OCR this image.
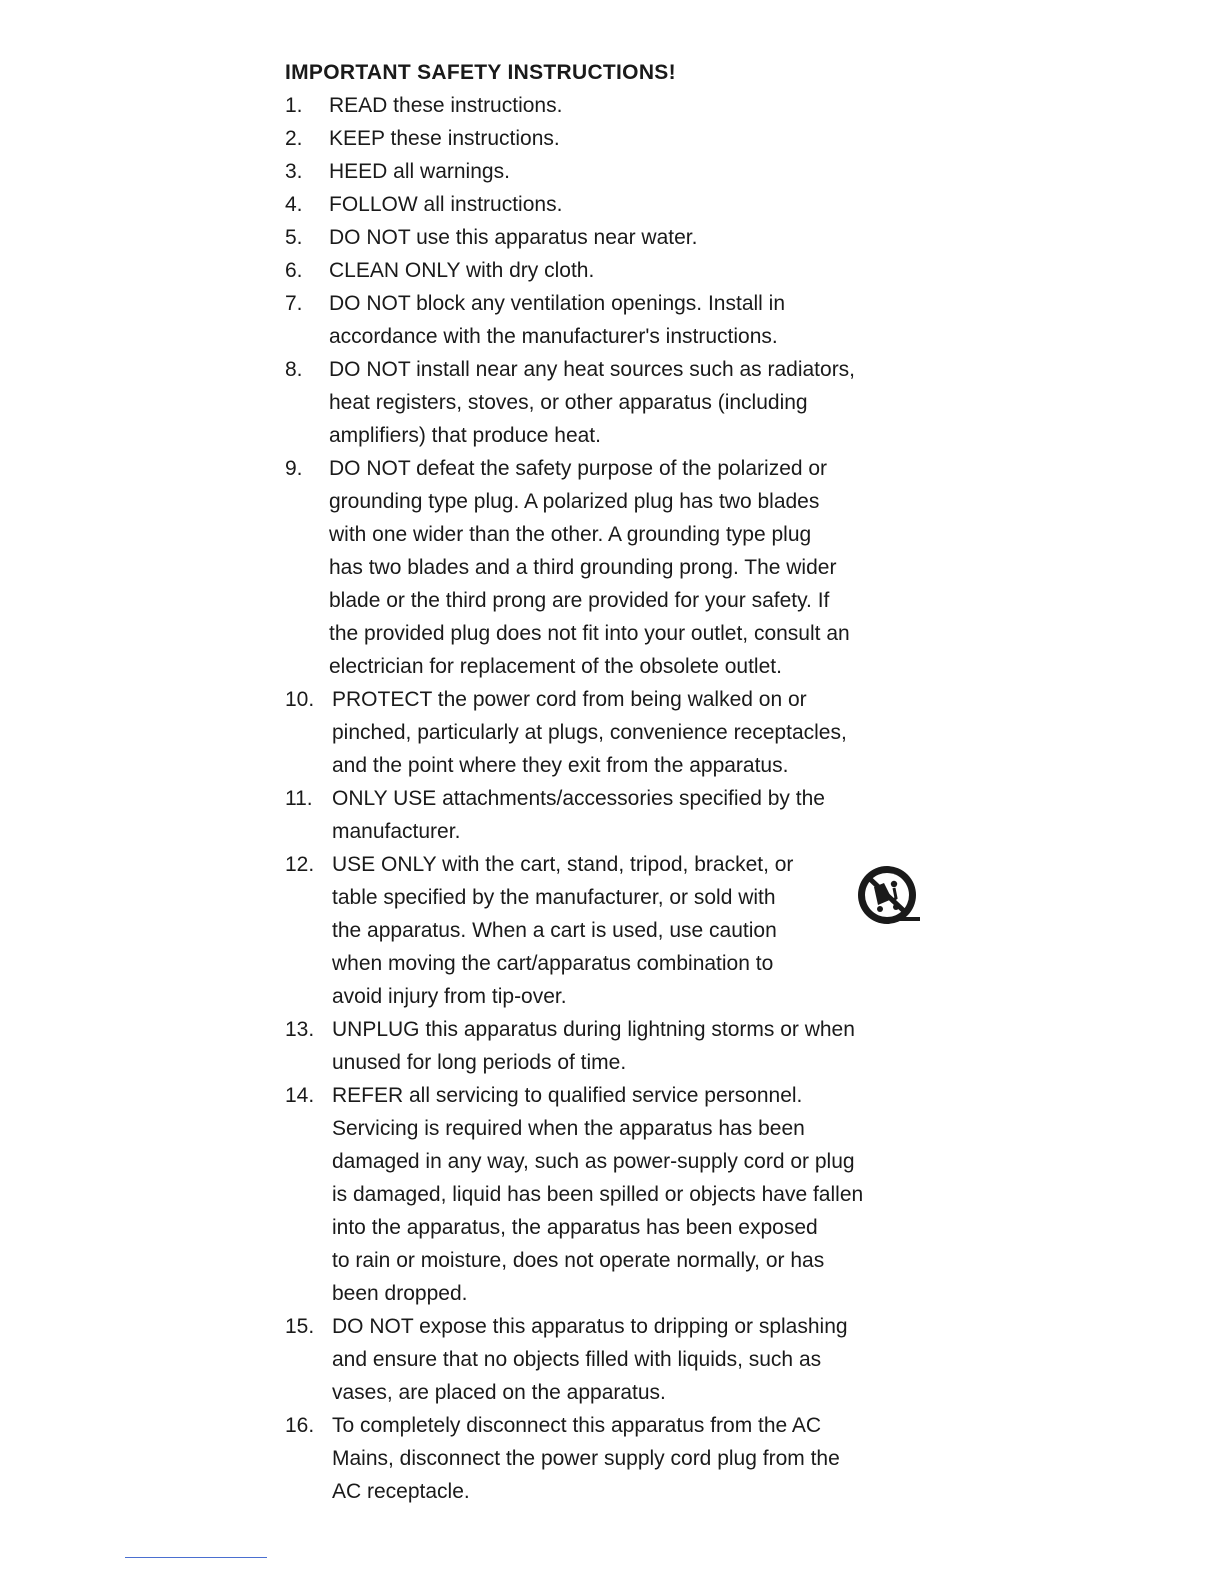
IMPORTANT SAFETY INSTRUCTIONS!
1.	READ these instructions.
2.	KEEP these instructions.
3.	HEED all warnings.
4.	FOLLOW all instructions.
5.	DO NOT use this apparatus near water.
6.	CLEAN ONLY with dry cloth.
7.	DO NOT block any ventilation openings. Install in
accordance with the manufacturer's instructions.
8.	DO NOT install near any heat sources such as radiators,
heat registers, stoves, or other apparatus (including
amplifiers) that produce heat.
9.	DO NOT defeat the safety purpose of the polarized or
grounding type plug. A polarized plug has two blades
with one wider than the other. A grounding type plug
has two blades and a third grounding prong. The wider
blade or the third prong are provided for your safety. If
the provided plug does not fit into your outlet, consult an
electrician for replacement of the obsolete outlet.
10. PROTECT the power cord from being walked on or
pinched, particularly at plugs, convenience receptacles,
and the point where they exit from the apparatus.
11. ONLY USE attachments/accessories specified by the
manufacturer.
12. USE ONLY with the cart, stand, tripod, bracket, or
table specified by the manufacturer, or sold with
the apparatus. When a cart is used, use caution
when moving the cart/apparatus combination to
avoid injury from tip-over.
13. UNPLUG this apparatus during lightning storms or when
unused for long periods of time.
14. REFER all servicing to qualified service personnel.
Servicing is required when the apparatus has been
damaged in any way, such as power-supply cord or plug
is damaged, liquid has been spilled or objects have fallen
into the apparatus, the apparatus has been exposed
to rain or moisture, does not operate normally, or has
been dropped.
15. DO NOT expose this apparatus to dripping or splashing
and ensure that no objects filled with liquids, such as
vases, are placed on the apparatus.
16. To completely disconnect this apparatus from the AC
Mains, disconnect the power supply cord plug from the
AC receptacle.
